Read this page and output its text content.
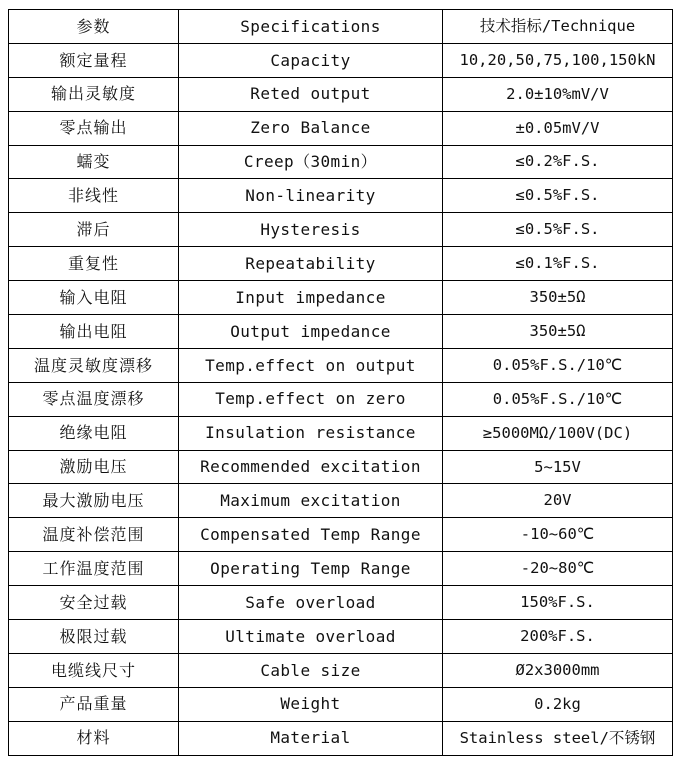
参数	Specifications	技术指标/Technique
额定量程	Capacity	10,20,50,75,100,150kN
输出灵敏度	Reted output	2.0±10%mV/V
零点输出	Zero Balance	±0.05mV/V
蠕变	Creep（30min）	≤0.2%F.S.
非线性	Non-linearity	≤0.5%F.S.
滞后	Hysteresis	≤0.5%F.S.
重复性	Repeatability	≤0.1%F.S.
输入电阻	Input impedance	350±5Ω
输出电阻	Output impedance	350±5Ω
温度灵敏度漂移	Temp.effect on output	0.05%F.S./10℃
零点温度漂移	Temp.effect on zero	0.05%F.S./10℃
绝缘电阻	Insulation resistance	≥5000MΩ/100V(DC)
激励电压	Recommended excitation	5~15V
最大激励电压	Maximum excitation	20V
温度补偿范围	Compensated Temp Range	-10~60℃
工作温度范围	Operating Temp Range	-20~80℃
安全过载	Safe overload	150%F.S.
极限过载	Ultimate overload	200%F.S.
电缆线尺寸	Cable size	Ø2x3000mm
产品重量	Weight	0.2kg
材料	Material	Stainless steel/不锈钢
